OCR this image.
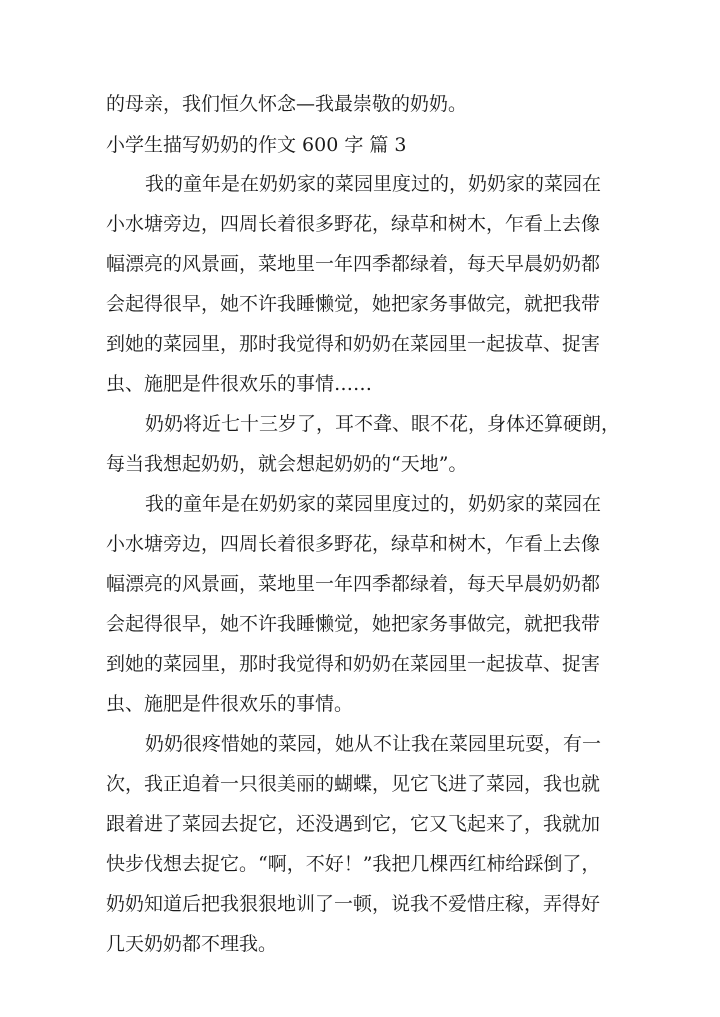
的母亲，我们恒久怀念—我最崇敬的奶奶。

小学生描写奶奶的作文 600 字 篇 3

我的童年是在奶奶家的菜园里度过的，奶奶家的菜园在

小水塘旁边，四周长着很多野花，绿草和树木，乍看上去像

幅漂亮的风景画，菜地里一年四季都绿着，每天早晨奶奶都

会起得很早，她不许我睡懒觉，她把家务事做完，就把我带

到她的菜园里，那时我觉得和奶奶在菜园里一起拔草、捉害

虫、施肥是件很欢乐的事情……

奶奶将近七十三岁了，耳不聋、眼不花，身体还算硬朗，

每当我想起奶奶，就会想起奶奶的“天地”。

我的童年是在奶奶家的菜园里度过的，奶奶家的菜园在

小水塘旁边，四周长着很多野花，绿草和树木，乍看上去像

幅漂亮的风景画，菜地里一年四季都绿着，每天早晨奶奶都

会起得很早，她不许我睡懒觉，她把家务事做完，就把我带

到她的菜园里，那时我觉得和奶奶在菜园里一起拔草、捉害

虫、施肥是件很欢乐的事情。

奶奶很疼惜她的菜园，她从不让我在菜园里玩耍，有一

次，我正追着一只很美丽的蝴蝶，见它飞进了菜园，我也就

跟着进了菜园去捉它，还没遇到它，它又飞起来了，我就加

快步伐想去捉它。“啊，不好！”我把几棵西红柿给踩倒了，

奶奶知道后把我狠狠地训了一顿，说我不爱惜庄稼，弄得好

几天奶奶都不理我。
